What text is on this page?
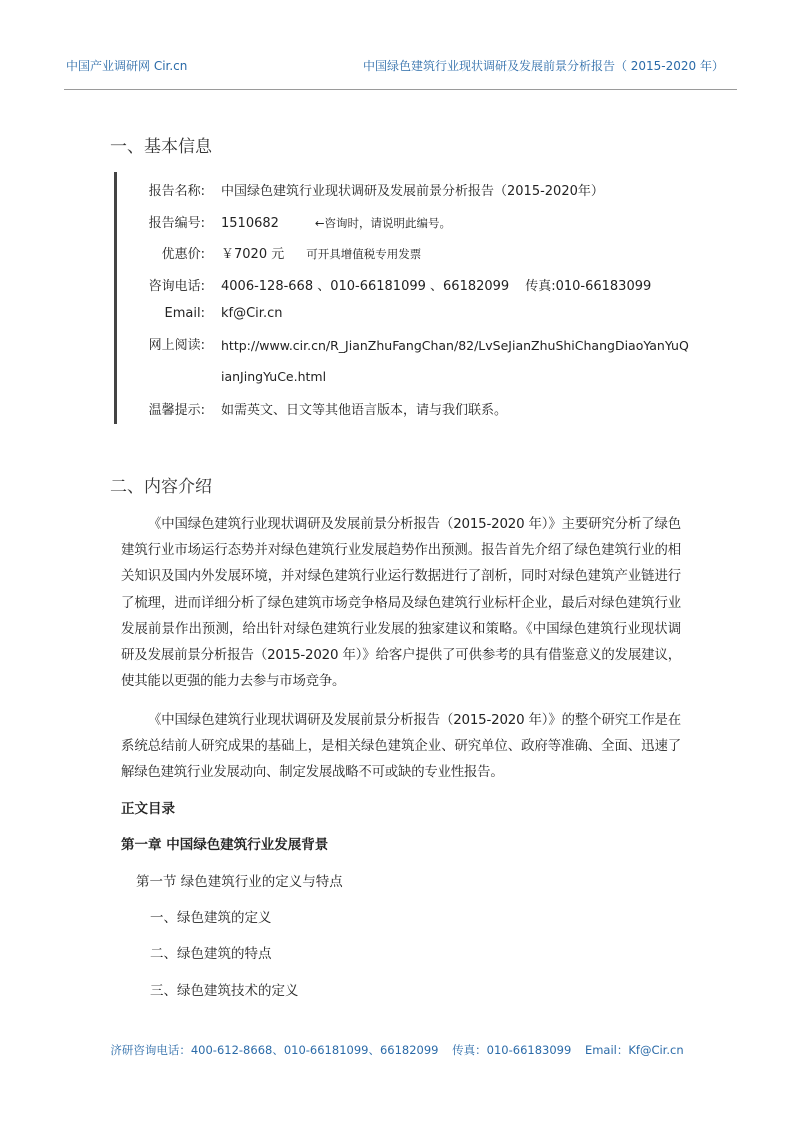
中国产业调研网 Cir.cn	中国绿色建筑行业现状调研及发展前景分析报告（ 2015-2020 年）
一、基本信息
报告名称: 中国绿色建筑行业现状调研及发展前景分析报告（2015-2020年）
报告编号: 1510682	←咨询时，请说明此编号。
优惠价: ￥7020 元 可开具增值税专用发票
咨询电话: 4006-128-668 、010-66181099 、66182099 传真:010-66183099
Email: kf@Cir.cn
网上阅读: http://www.cir.cn/R_JianZhuFangChan/82/LvSeJianZhuShiChangDiaoYanYuQianJingYuCe.html
温馨提示: 如需英文、日文等其他语言版本，请与我们联系。
二、内容介绍
《中国绿色建筑行业现状调研及发展前景分析报告（2015-2020 年）》主要研究分析了绿色建筑行业市场运行态势并对绿色建筑行业发展趋势作出预测。报告首先介绍了绿色建筑行业的相关知识及国内外发展环境，并对绿色建筑行业运行数据进行了剖析，同时对绿色建筑产业链进行了梳理，进而详细分析了绿色建筑市场竞争格局及绿色建筑行业标杆企业，最后对绿色建筑行业发展前景作出预测，给出针对绿色建筑行业发展的独家建议和策略。《中国绿色建筑行业现状调研及发展前景分析报告（2015-2020 年）》给客户提供了可供参考的具有借鉴意义的发展建议，使其能以更强的能力去参与市场竞争。
《中国绿色建筑行业现状调研及发展前景分析报告（2015-2020 年）》的整个研究工作是在系统总结前人研究成果的基础上，是相关绿色建筑企业、研究单位、政府等准确、全面、迅速了解绿色建筑行业发展动向、制定发展战略不可或缺的专业性报告。
正文目录
第一章 中国绿色建筑行业发展背景
第一节 绿色建筑行业的定义与特点
一、绿色建筑的定义
二、绿色建筑的特点
三、绿色建筑技术的定义
济研咨询电话：400-612-8668、010-66181099、66182099 传真：010-66183099 Email：Kf@Cir.cn
